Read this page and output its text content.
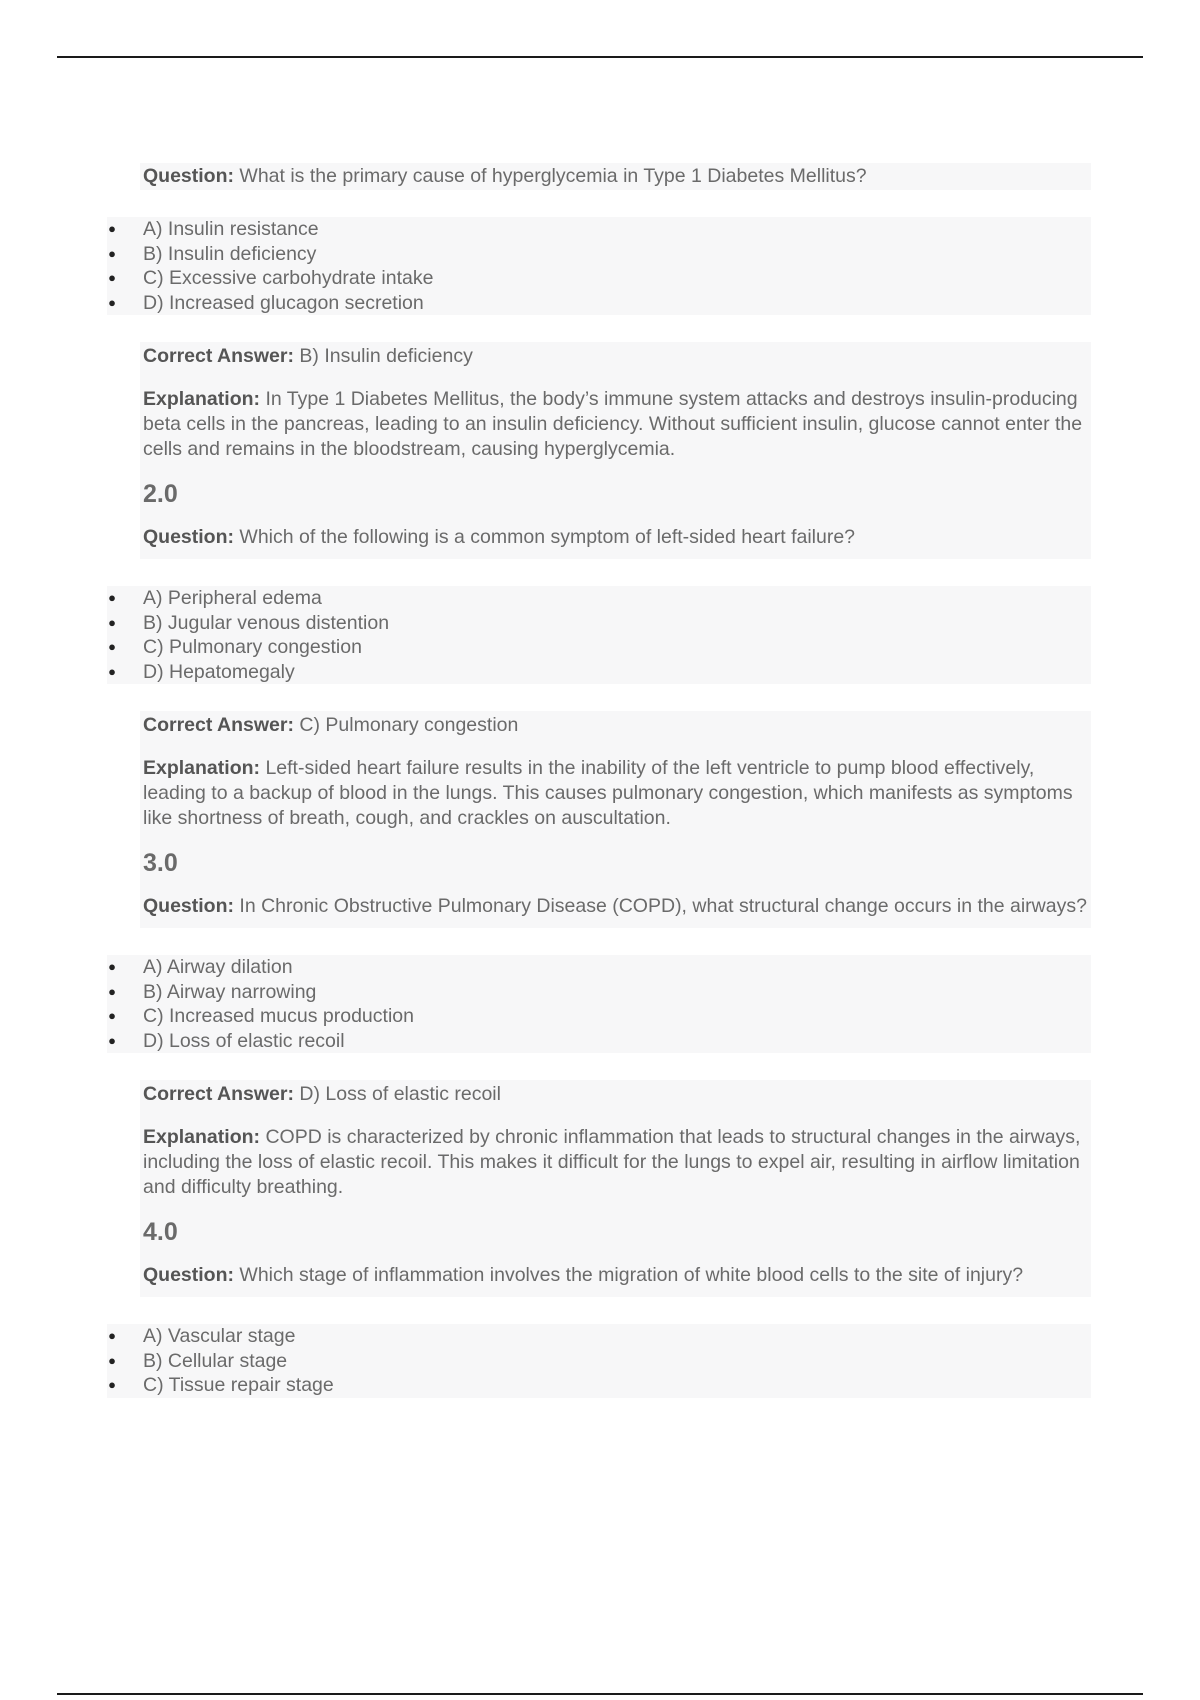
Question: What is the primary cause of hyperglycemia in Type 1 Diabetes Mellitus?

● A) Insulin resistance
● B) Insulin deficiency
● C) Excessive carbohydrate intake
● D) Increased glucagon secretion

Correct Answer: B) Insulin deficiency

Explanation: In Type 1 Diabetes Mellitus, the body’s immune system attacks and destroys insulin-producing beta cells in the pancreas, leading to an insulin deficiency. Without sufficient insulin, glucose cannot enter the cells and remains in the bloodstream, causing hyperglycemia.

2.0

Question: Which of the following is a common symptom of left-sided heart failure?

● A) Peripheral edema
● B) Jugular venous distention
● C) Pulmonary congestion
● D) Hepatomegaly

Correct Answer: C) Pulmonary congestion

Explanation: Left-sided heart failure results in the inability of the left ventricle to pump blood effectively, leading to a backup of blood in the lungs. This causes pulmonary congestion, which manifests as symptoms like shortness of breath, cough, and crackles on auscultation.

3.0

Question: In Chronic Obstructive Pulmonary Disease (COPD), what structural change occurs in the airways?

● A) Airway dilation
● B) Airway narrowing
● C) Increased mucus production
● D) Loss of elastic recoil

Correct Answer: D) Loss of elastic recoil

Explanation: COPD is characterized by chronic inflammation that leads to structural changes in the airways, including the loss of elastic recoil. This makes it difficult for the lungs to expel air, resulting in airflow limitation and difficulty breathing.

4.0

Question: Which stage of inflammation involves the migration of white blood cells to the site of injury?

● A) Vascular stage
● B) Cellular stage
● C) Tissue repair stage
